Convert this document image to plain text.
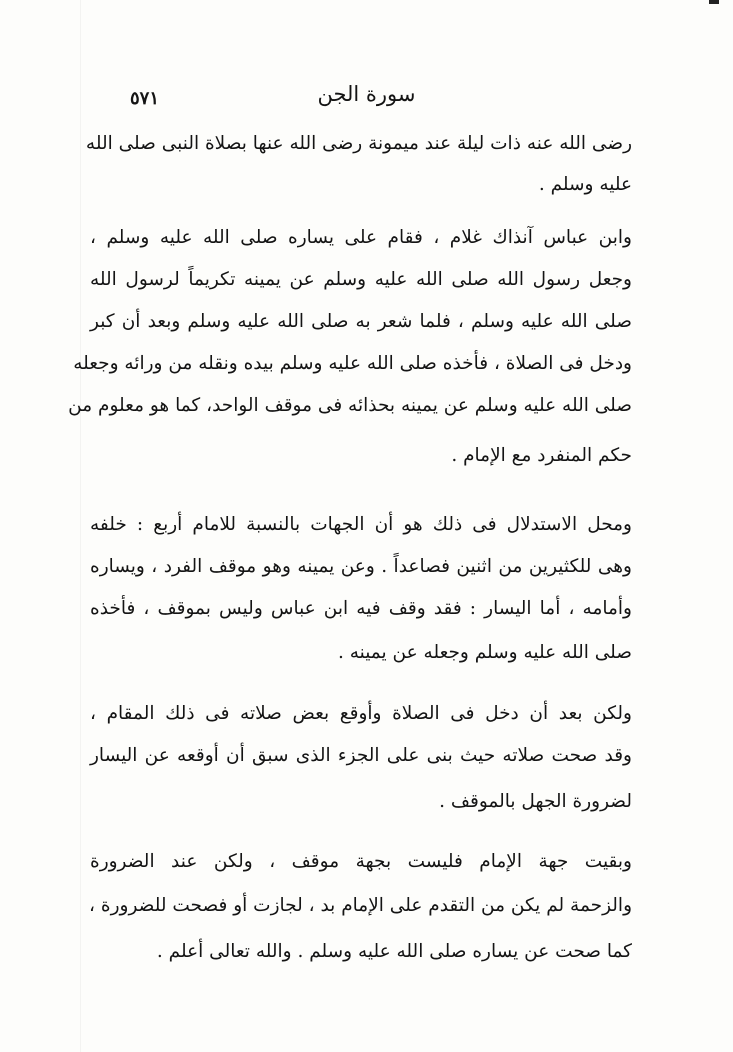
٥٧١	سورة الجن
رضى الله عنه ذات ليلة عند ميمونة رضى الله عنها بصلاة النبى صلى الله
عليه وسلم .
وابن عباس آنذاك غلام ، فقام على يساره صلى الله عليه وسلم ،
وجعل رسول الله صلى الله عليه وسلم عن يمينه تكريماً لرسول الله
صلى الله عليه وسلم ، فلما شعر به صلى الله عليه وسلم وبعد أن كبر
ودخل فى الصلاة ، فأخذه صلى الله عليه وسلم بيده ونقله من ورائه وجعله
صلى الله عليه وسلم عن يمينه بحذائه فى موقف الواحد، كما هو معلوم من
حكم المنفرد مع الإمام .
ومحل الاستدلال فى ذلك هو أن الجهات بالنسبة للامام أربع : خلفه
وهى للكثيرين من اثنين فصاعداً . وعن يمينه وهو موقف الفرد ، ويساره
وأمامه ، أما اليسار : فقد وقف فيه ابن عباس وليس بموقف ، فأخذه
صلى الله عليه وسلم وجعله عن يمينه .
ولكن بعد أن دخل فى الصلاة وأوقع بعض صلاته فى ذلك المقام ،
وقد صحت صلاته حيث بنى على الجزء الذى سبق أن أوقعه عن اليسار
لضرورة الجهل بالموقف .
وبقيت جهة الإمام فليست بجهة موقف ، ولكن عند الضرورة
والزحمة لم يكن من التقدم على الإمام بد ، لجازت أو فصحت للضرورة ،
كما صحت عن يساره صلى الله عليه وسلم . والله تعالى أعلم .
